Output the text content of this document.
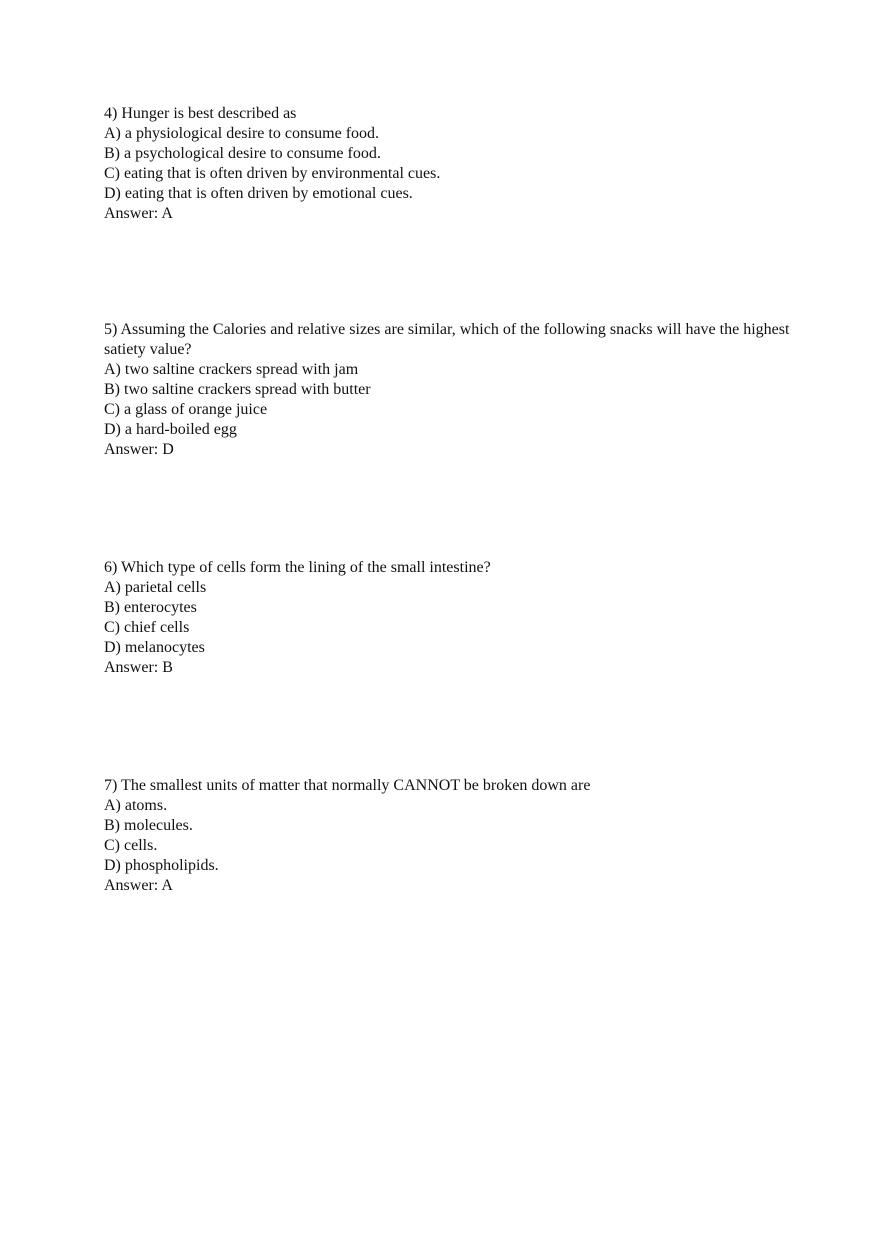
4) Hunger is best described as
A) a physiological desire to consume food.
B) a psychological desire to consume food.
C) eating that is often driven by environmental cues.
D) eating that is often driven by emotional cues.
Answer: A
5) Assuming the Calories and relative sizes are similar, which of the following snacks will have the highest satiety value?
A) two saltine crackers spread with jam
B) two saltine crackers spread with butter
C) a glass of orange juice
D) a hard-boiled egg
Answer: D
6) Which type of cells form the lining of the small intestine?
A) parietal cells
B) enterocytes
C) chief cells
D) melanocytes
Answer: B
7) The smallest units of matter that normally CANNOT be broken down are
A) atoms.
B) molecules.
C) cells.
D) phospholipids.
Answer: A
